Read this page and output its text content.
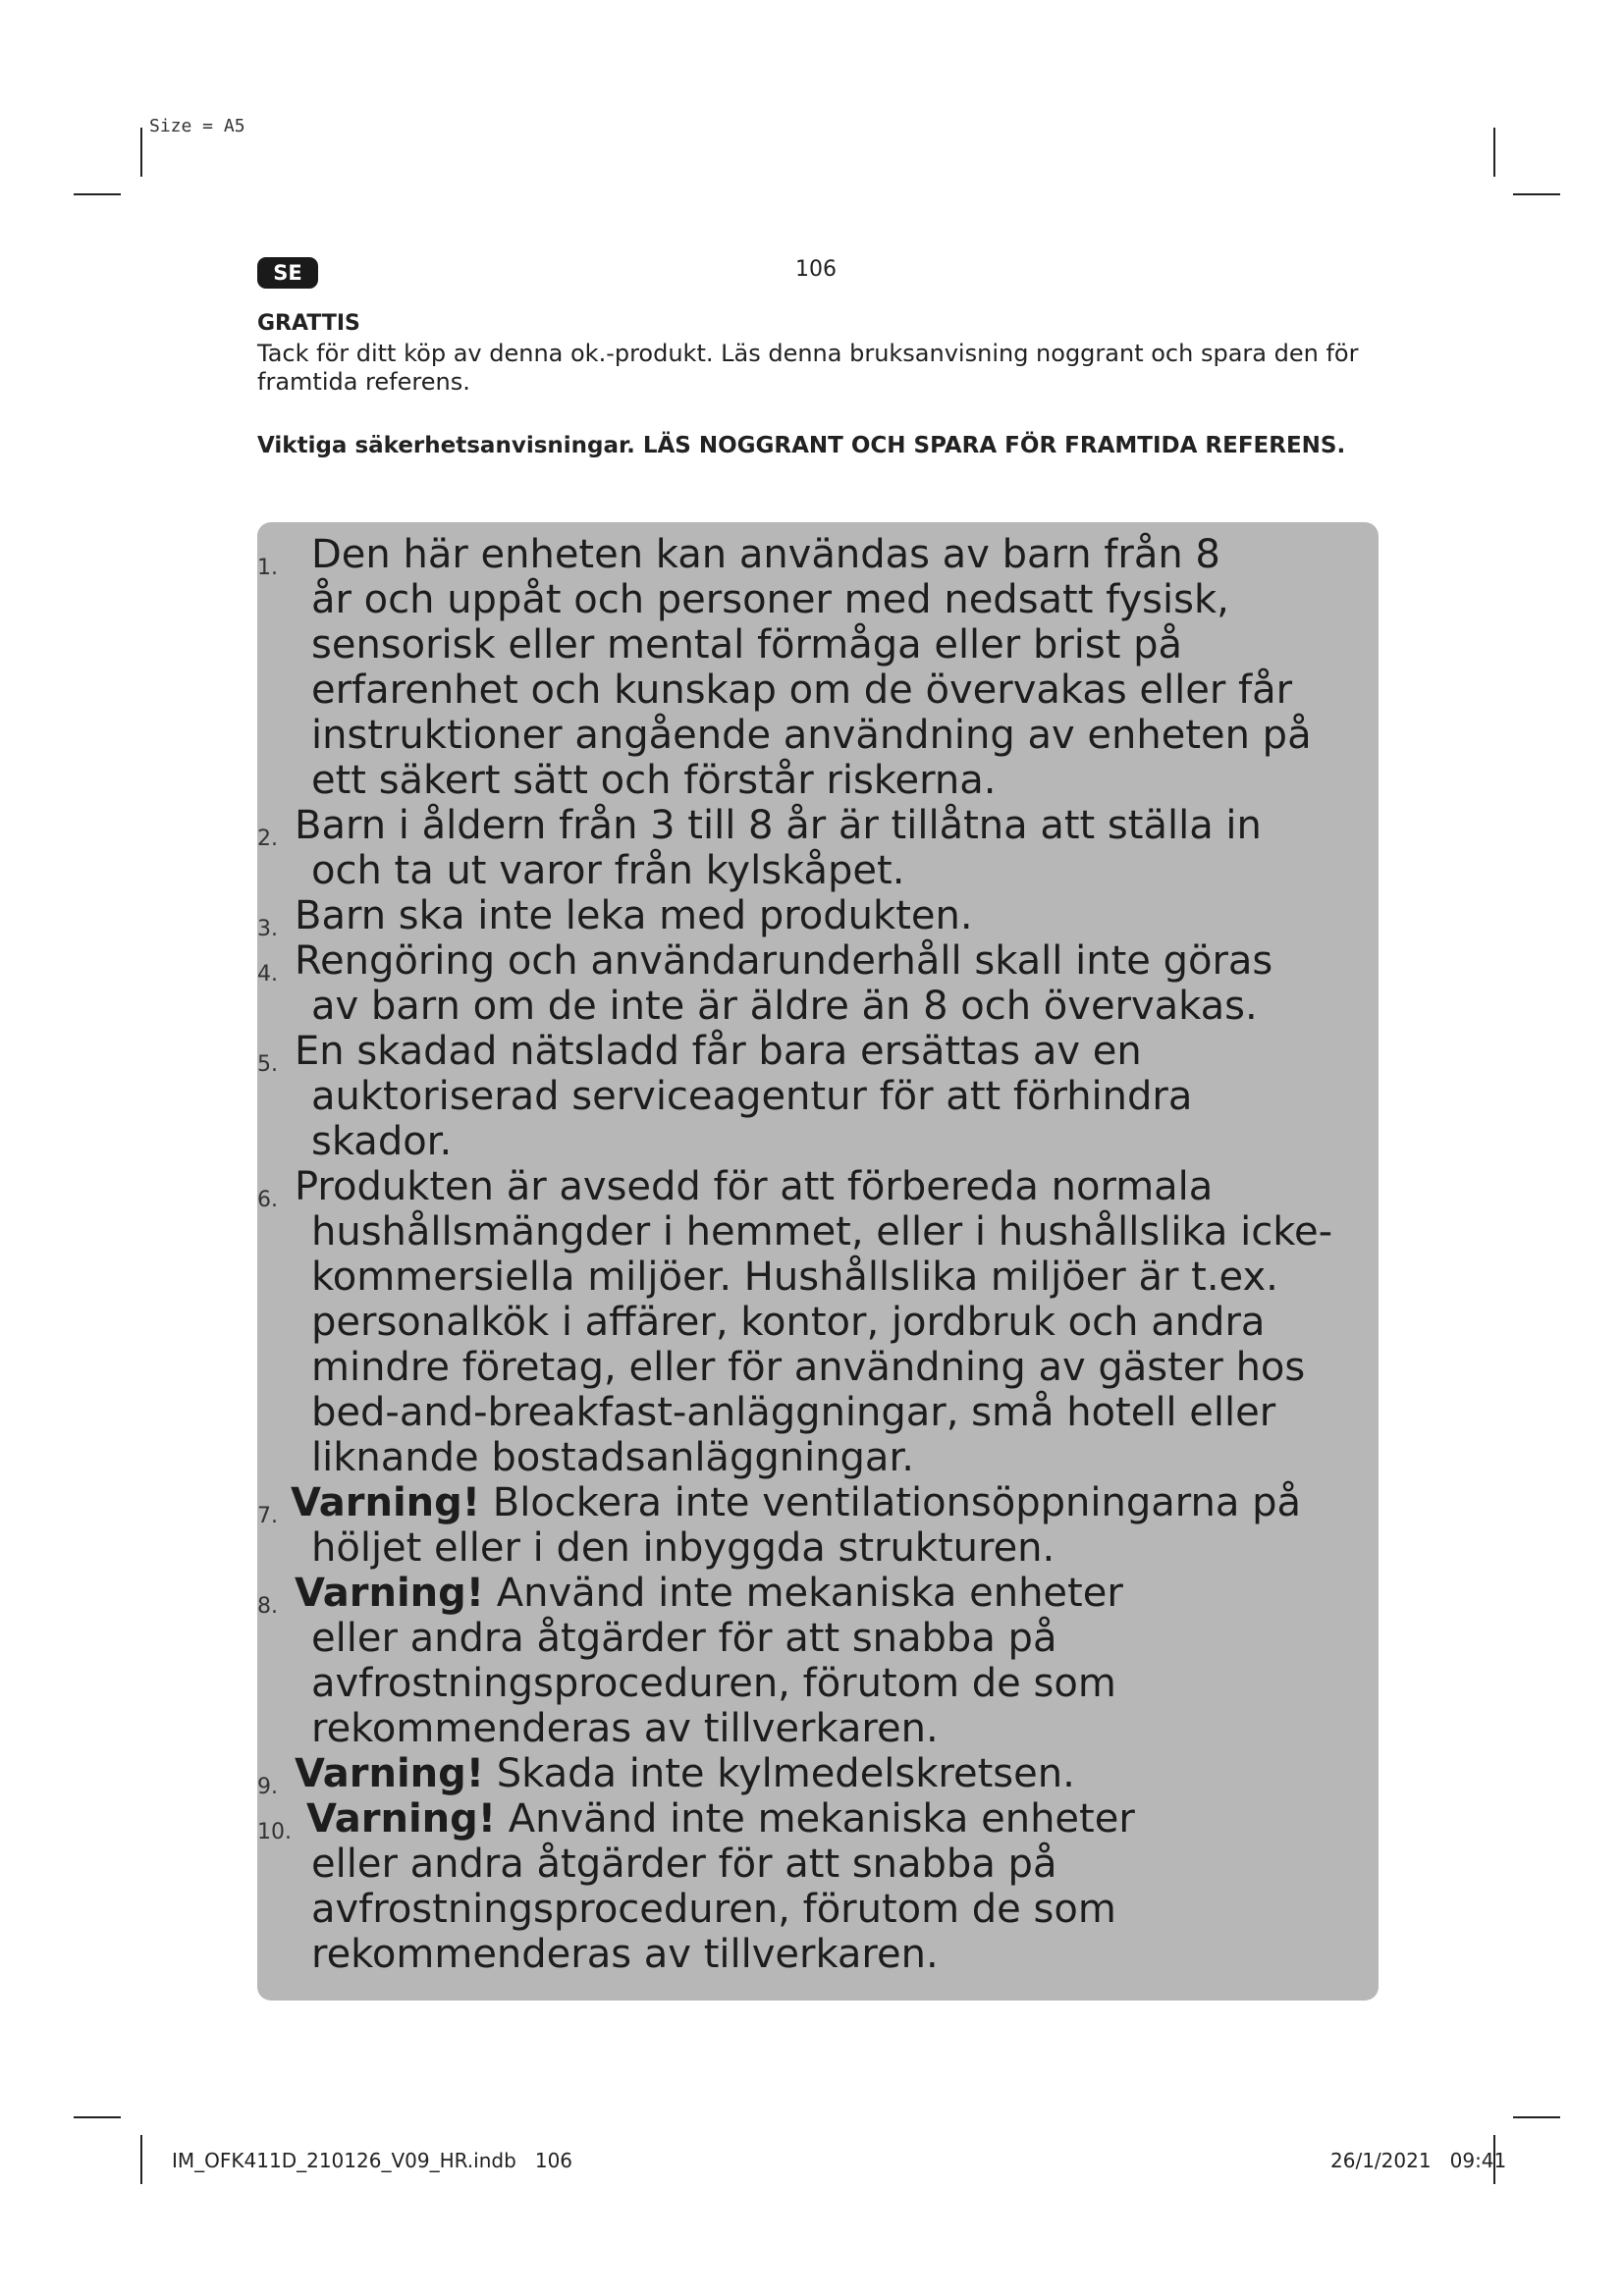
Size = A5
SE	106
GRATTIS
Tack för ditt köp av denna ok.-produkt. Läs denna bruksanvisning noggrant och spara den för framtida referens.
Viktiga säkerhetsanvisningar. LÄS NOGGRANT OCH SPARA FÖR FRAMTIDA REFERENS.
1. Den här enheten kan användas av barn från 8
år och uppåt och personer med nedsatt fysisk,
sensorisk eller mental förmåga eller brist på
erfarenhet och kunskap om de övervakas eller får
instruktioner angående användning av enheten på
ett säkert sätt och förstår riskerna.
2. Barn i åldern från 3 till 8 år är tillåtna att ställa in
och ta ut varor från kylskåpet.
3. Barn ska inte leka med produkten.
4. Rengöring och användarunderhåll skall inte göras
av barn om de inte är äldre än 8 och övervakas.
5. En skadad nätsladd får bara ersättas av en
auktoriserad serviceagentur för att förhindra
skador.
6. Produkten är avsedd för att förbereda normala
hushållsmängder i hemmet, eller i hushållslika icke-
kommersiella miljöer. Hushållslika miljöer är t.ex.
personalkök i affärer, kontor, jordbruk och andra
mindre företag, eller för användning av gäster hos
bed-and-breakfast-anläggningar, små hotell eller
liknande bostadsanläggningar.
7. Varning! Blockera inte ventilationsöppningarna på
höljet eller i den inbyggda strukturen.
8. Varning! Använd inte mekaniska enheter
eller andra åtgärder för att snabba på
avfrostningsproceduren, förutom de som
rekommenderas av tillverkaren.
9. Varning! Skada inte kylmedelskretsen.
10. Varning! Använd inte mekaniska enheter
eller andra åtgärder för att snabba på
avfrostningsproceduren, förutom de som
rekommenderas av tillverkaren.
IM_OFK411D_210126_V09_HR.indb   106	26/1/2021   09:41
